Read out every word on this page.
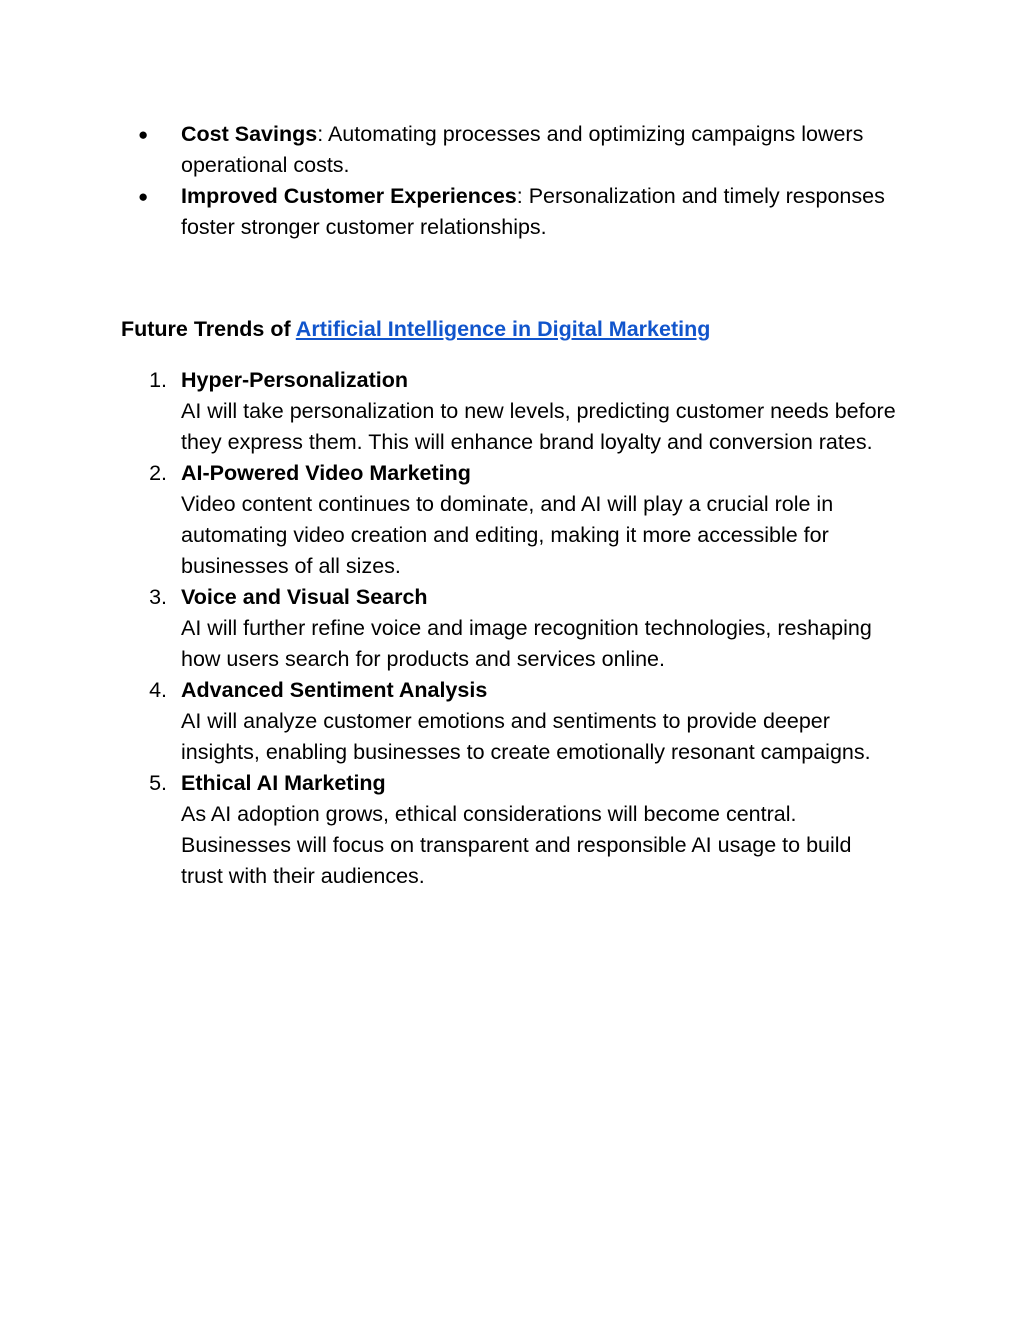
●	Cost Savings: Automating processes and optimizing campaigns lowers operational costs.
●	Improved Customer Experiences: Personalization and timely responses foster stronger customer relationships.
Future Trends of Artificial Intelligence in Digital Marketing
1. Hyper-Personalization
AI will take personalization to new levels, predicting customer needs before they express them. This will enhance brand loyalty and conversion rates.
2. AI-Powered Video Marketing
Video content continues to dominate, and AI will play a crucial role in automating video creation and editing, making it more accessible for businesses of all sizes.
3. Voice and Visual Search
AI will further refine voice and image recognition technologies, reshaping how users search for products and services online.
4. Advanced Sentiment Analysis
AI will analyze customer emotions and sentiments to provide deeper insights, enabling businesses to create emotionally resonant campaigns.
5. Ethical AI Marketing
As AI adoption grows, ethical considerations will become central. Businesses will focus on transparent and responsible AI usage to build trust with their audiences.
